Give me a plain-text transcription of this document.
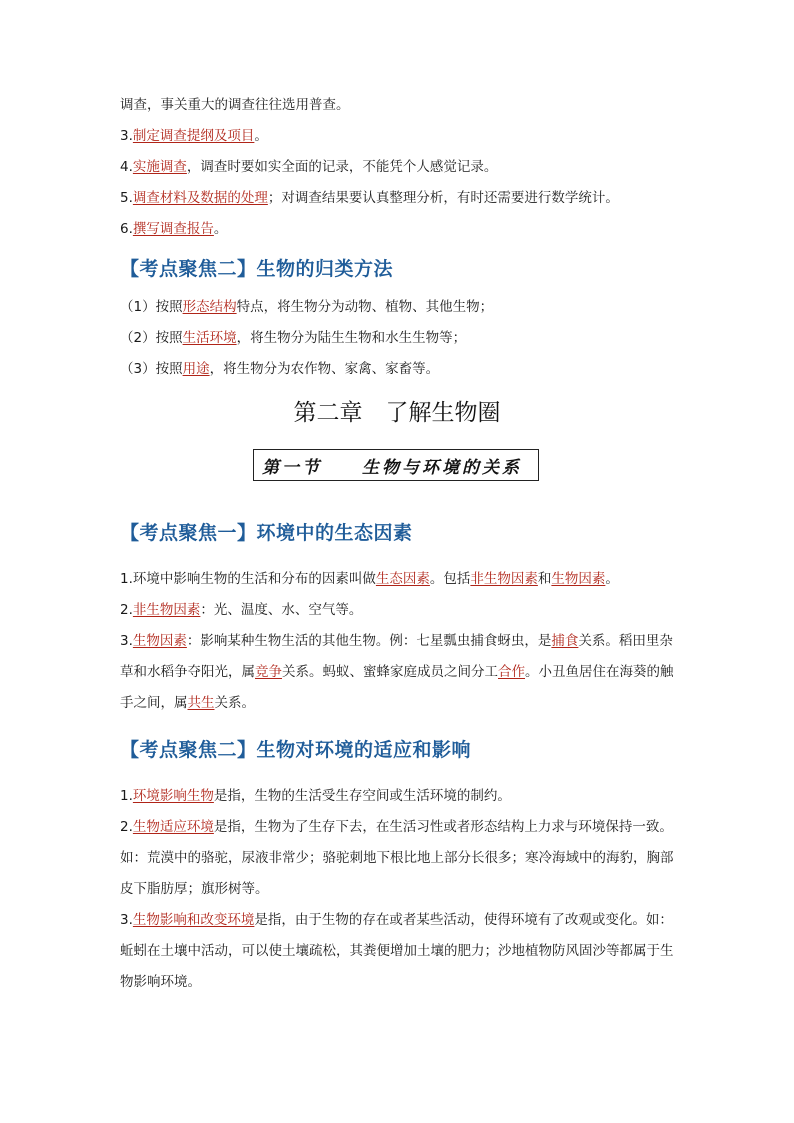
调查，事关重大的调查往往选用普查。
3.制定调查提纲及项目。
4.实施调查，调查时要如实全面的记录，不能凭个人感觉记录。
5.调查材料及数据的处理；对调查结果要认真整理分析，有时还需要进行数学统计。
6.撰写调查报告。
【考点聚焦二】生物的归类方法
（1）按照形态结构特点，将生物分为动物、植物、其他生物；
（2）按照生活环境，将生物分为陆生生物和水生生物等；
（3）按照用途，将生物分为农作物、家禽、家畜等。
第二章　了解生物圈
第一节　　生物与环境的关系
【考点聚焦一】环境中的生态因素
1.环境中影响生物的生活和分布的因素叫做生态因素。包括非生物因素和生物因素。
2.非生物因素：光、温度、水、空气等。
3.生物因素：影响某种生物生活的其他生物。例：七星瓢虫捕食蚜虫，是捕食关系。稻田里杂草和水稻争夺阳光，属竞争关系。蚂蚁、蜜蜂家庭成员之间分工合作。小丑鱼居住在海葵的触手之间，属共生关系。
【考点聚焦二】生物对环境的适应和影响
1.环境影响生物是指，生物的生活受生存空间或生活环境的制约。
2.生物适应环境是指，生物为了生存下去，在生活习性或者形态结构上力求与环境保持一致。如：荒漠中的骆驼，尿液非常少；骆驼刺地下根比地上部分长很多；寒冷海域中的海豹，胸部皮下脂肪厚；旗形树等。
3.生物影响和改变环境是指，由于生物的存在或者某些活动，使得环境有了改观或变化。如：蚯蚓在土壤中活动，可以使土壤疏松，其粪便增加土壤的肥力；沙地植物防风固沙等都属于生物影响环境。
